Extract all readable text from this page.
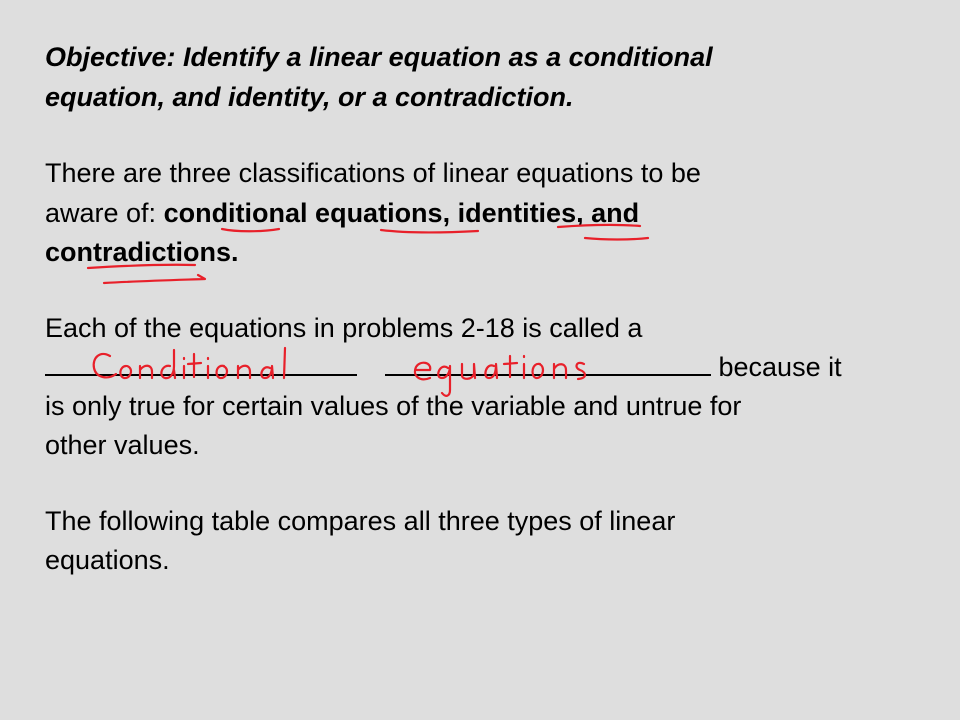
Objective: Identify a linear equation as a conditional
equation, and identity, or a contradiction.
There are three classifications of linear equations to be
aware of: conditional equations, identities, and
contradictions.
Each of the equations in problems 2-18 is called a
because it
is only true for certain values of the variable and untrue for
other values.
The following table compares all three types of linear
equations.
